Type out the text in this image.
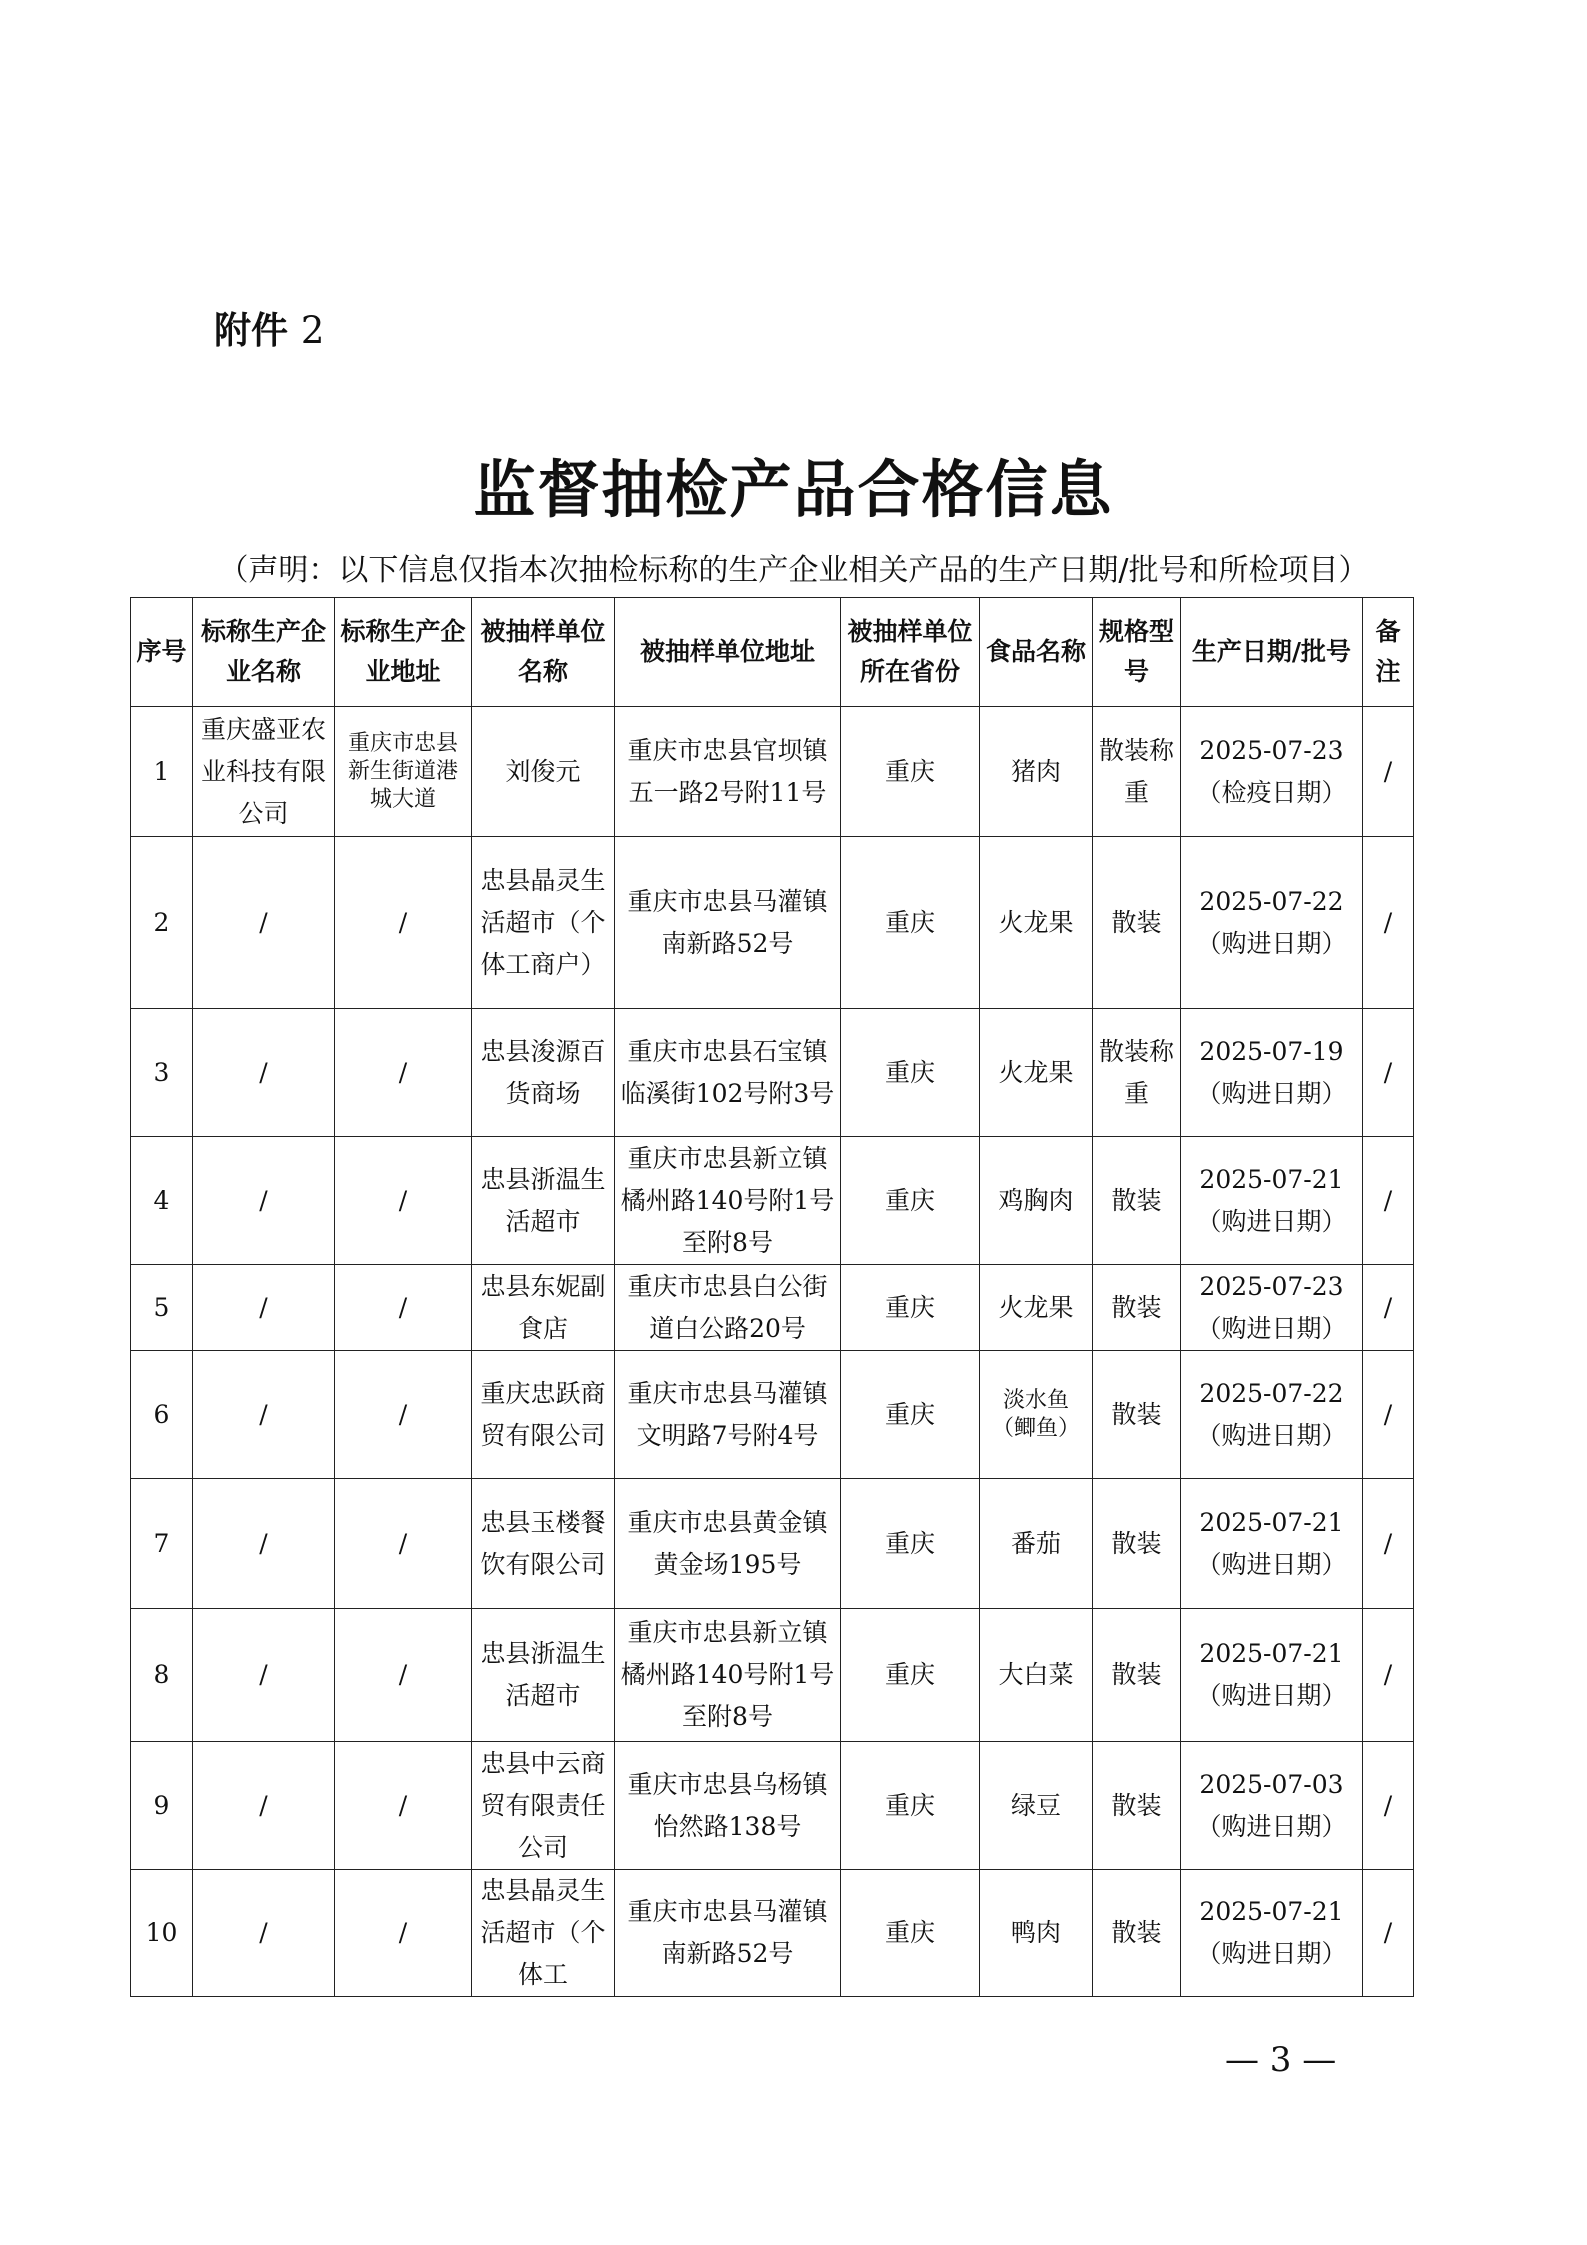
附件 2
监督抽检产品合格信息
（声明：以下信息仅指本次抽检标称的生产企业相关产品的生产日期/批号和所检项目）
序号	标称生产企业名称	标称生产企业地址	被抽样单位名称	被抽样单位地址	被抽样单位所在省份	食品名称	规格型号	生产日期/批号	备注
1	重庆盛亚农业科技有限公司	重庆市忠县新生街道港城大道	刘俊元	重庆市忠县官坝镇五一路2号附11号	重庆	猪肉	散装称重	2025-07-23（检疫日期）	/
2	/	/	忠县晶灵生活超市（个体工商户）	重庆市忠县马灌镇南新路52号	重庆	火龙果	散装	2025-07-22（购进日期）	/
3	/	/	忠县浚源百货商场	重庆市忠县石宝镇临溪街102号附3号	重庆	火龙果	散装称重	2025-07-19（购进日期）	/
4	/	/	忠县浙温生活超市	重庆市忠县新立镇橘州路140号附1号至附8号	重庆	鸡胸肉	散装	2025-07-21（购进日期）	/
5	/	/	忠县东妮副食店	重庆市忠县白公街道白公路20号	重庆	火龙果	散装	2025-07-23（购进日期）	/
6	/	/	重庆忠跃商贸有限公司	重庆市忠县马灌镇文明路7号附4号	重庆	淡水鱼（鲫鱼）	散装	2025-07-22（购进日期）	/
7	/	/	忠县玉楼餐饮有限公司	重庆市忠县黄金镇黄金场195号	重庆	番茄	散装	2025-07-21（购进日期）	/
8	/	/	忠县浙温生活超市	重庆市忠县新立镇橘州路140号附1号至附8号	重庆	大白菜	散装	2025-07-21（购进日期）	/
9	/	/	忠县中云商贸有限责任公司	重庆市忠县乌杨镇怡然路138号	重庆	绿豆	散装	2025-07-03（购进日期）	/
10	/	/	忠县晶灵生活超市（个体工	重庆市忠县马灌镇南新路52号	重庆	鸭肉	散装	2025-07-21（购进日期）	/
— 3 —
